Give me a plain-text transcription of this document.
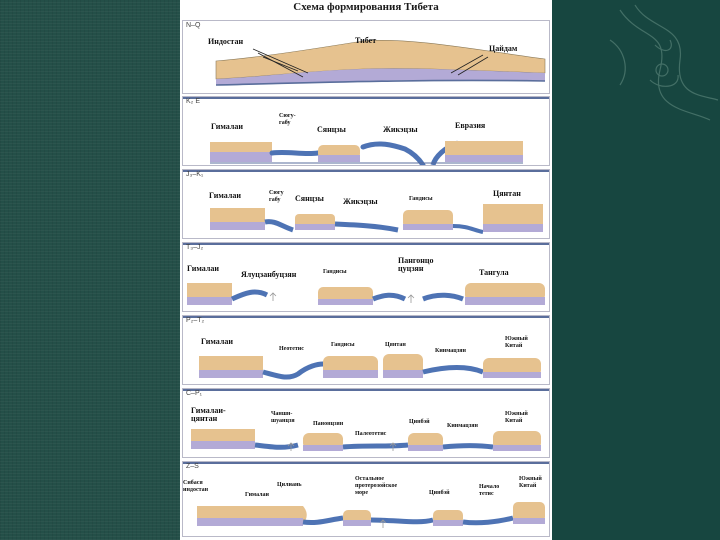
Схема формирования Тибета
N–Q
Индостан	Тибет
Цайдам
K₂ E
Гималаи
Сюгу-
габу
Сянцзы	Жикэцзы	Евразия
J₃–K₁
Гималаи	Сюгу
габу	Сянцзы Жикэцзы	Гандисы
Цянтан
T₃–J₂
Гималаи
Ялуцзанбуцзян	Гандисы
Пангонцо
цуцзян	Тангула
P₂–T₂
Гималаи
Неотетис
Гандисы	Цянтан
Кинмацзян
Южный
Китай
C–P₁
Гималаи-
цянтан	Чаншн-
шуанцзя	Панонцзян
Палеотетис
Цинбэй
Кинмацзян
Южный
Китай
Z–S
Сибася
индостан
Гималаи
Цилиань
Остальное
протерозойское
море	Цинбэй
Начало
тетис
Южный
Китай
